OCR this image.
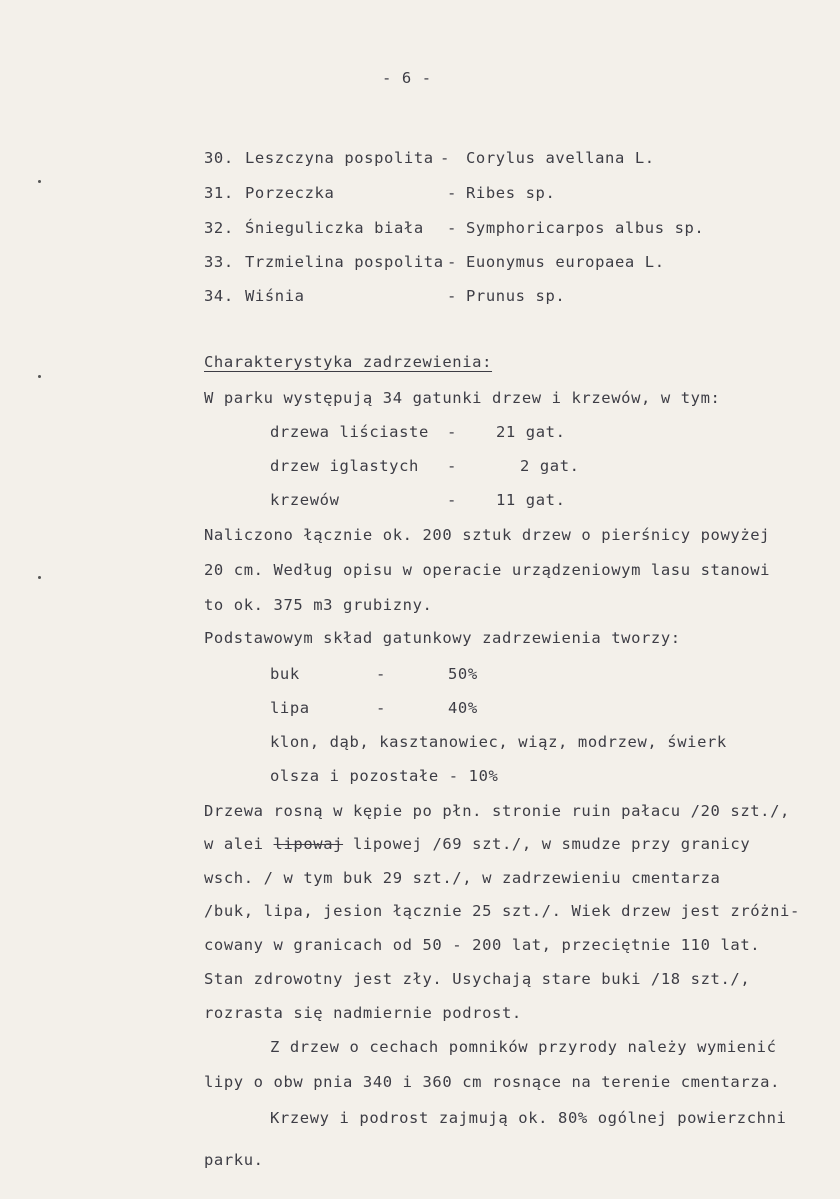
- 6 -
30. Leszczyna pospolita - Corylus avellana L.
31. Porzeczka	- Ribes sp.
32. Śnieguliczka biała - Symphoricarpos albus sp.
33. Trzmielina pospolita - Euonymus europaea L.
34. Wiśnia	- Prunus sp.
Charakterystyka zadrzewienia:
W parku występują 34 gatunki drzew i krzewów, w tym:
drzewa liściaste -	21 gat.
drzew iglastych -	2 gat.
krzewów	-	11 gat.
Naliczono łącznie ok. 200 sztuk drzew o pierśnicy powyżej
20 cm. Według opisu w operacie urządzeniowym lasu stanowi
to ok. 375 m3 grubizny.
Podstawowym skład gatunkowy zadrzewienia tworzy:
buk	-	50%
lipa	-	40%
klon, dąb, kasztanowiec, wiąz, modrzew, świerk
olsza i pozostałe - 10%
Drzewa rosną w kępie po płn. stronie ruin pałacu /20 szt./,
w alei lipowaj lipowej /69 szt./, w smudze przy granicy
wsch. / w tym buk 29 szt./, w zadrzewieniu cmentarza
/buk, lipa, jesion łącznie 25 szt./. Wiek drzew jest zróżni-
cowany w granicach od 50 - 200 lat, przeciętnie 110 lat.
Stan zdrowotny jest zły. Usychają stare buki /18 szt./,
rozrasta się nadmiernie podrost.
Z drzew o cechach pomników przyrody należy wymienić
lipy o obw pnia 340 i 360 cm rosnące na terenie cmentarza.
Krzewy i podrost zajmują ok. 80% ogólnej powierzchni
parku.
